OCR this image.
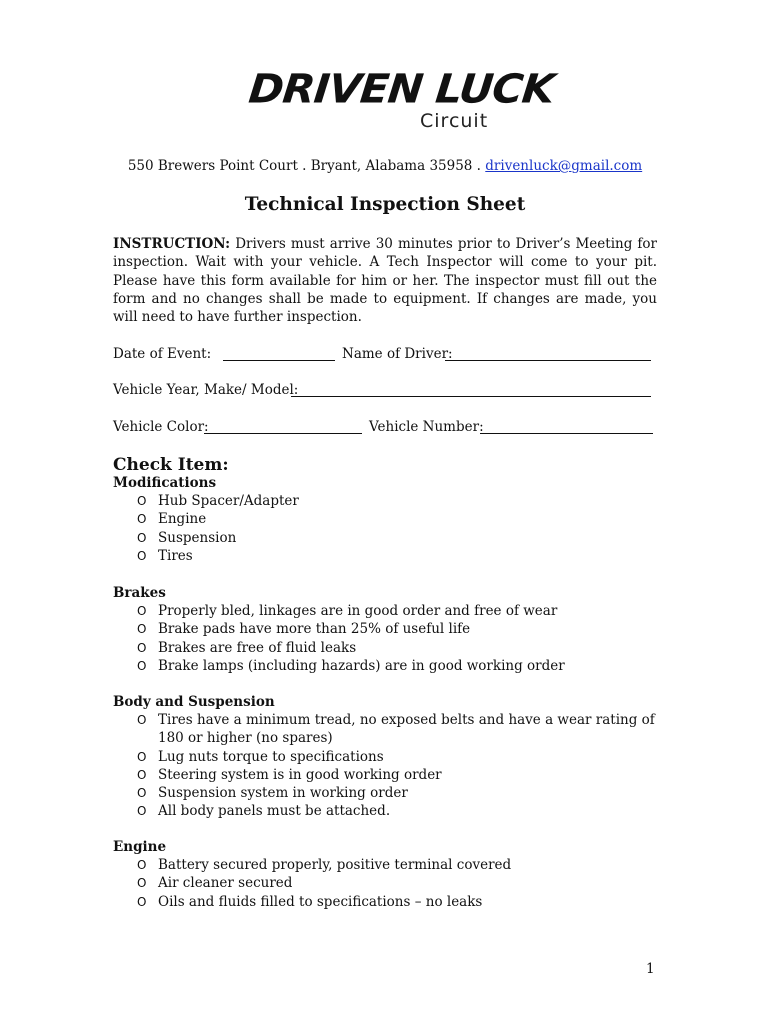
DRIVEN LUCK
Circuit
550 Brewers Point Court . Bryant, Alabama 35958 . drivenluck@gmail.com
Technical Inspection Sheet
INSTRUCTION: Drivers must arrive 30 minutes prior to Driver’s Meeting for inspection. Wait with your vehicle. A Tech Inspector will come to your pit. Please have this form available for him or her. The inspector must fill out the form and no changes shall be made to equipment. If changes are made, you will need to have further inspection.
Date of Event:	Name of Driver:
Vehicle Year, Make/ Model:
Vehicle Color:	Vehicle Number:
Check Item:
Modifications
O Hub Spacer/Adapter
O Engine
O Suspension
O Tires
Brakes
O Properly bled, linkages are in good order and free of wear
O Brake pads have more than 25% of useful life
O Brakes are free of fluid leaks
O Brake lamps (including hazards) are in good working order
Body and Suspension
O Tires have a minimum tread, no exposed belts and have a wear rating of 180 or higher (no spares)
O Lug nuts torque to specifications
O Steering system is in good working order
O Suspension system in working order
O All body panels must be attached.
Engine
O Battery secured properly, positive terminal covered
O Air cleaner secured
O Oils and fluids filled to specifications – no leaks
1
